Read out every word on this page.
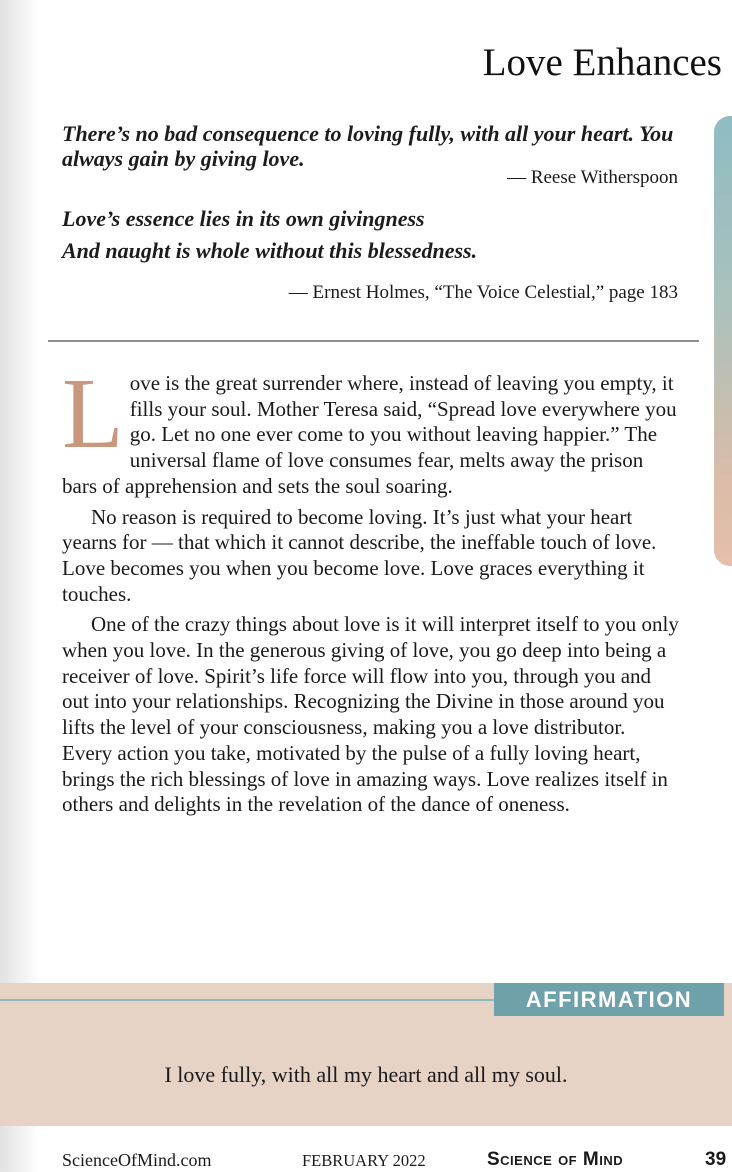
Love Enhances

There’s no bad consequence to loving fully, with all your heart. You always gain by giving love.

— Reese Witherspoon
Love’s essence lies in its own givingness
And naught is whole without this blessedness.
— Ernest Holmes, “The Voice Celestial,” page 183

Love is the great surrender where, instead of leaving you empty, it fills your soul. Mother Teresa said, “Spread love everywhere you go. Let no one ever come to you without leaving happier.” The universal flame of love consumes fear, melts away the prison bars of apprehension and sets the soul soaring.

No reason is required to become loving. It’s just what your heart yearns for — that which it cannot describe, the ineffable touch of love. Love becomes you when you become love. Love graces everything it touches.

One of the crazy things about love is it will interpret itself to you only when you love. In the generous giving of love, you go deep into being a receiver of love. Spirit’s life force will flow into you, through you and out into your relationships. Recognizing the Divine in those around you lifts the level of your consciousness, making you a love distributor. Every action you take, motivated by the pulse of a fully loving heart, brings the rich blessings of love in amazing ways. Love realizes itself in others and delights in the revelation of the dance of oneness.

AFFIRMATION
I love fully, with all my heart and all my soul.
ScienceOfMind.com	FEBRUARY 2022	Science of Mind	39
